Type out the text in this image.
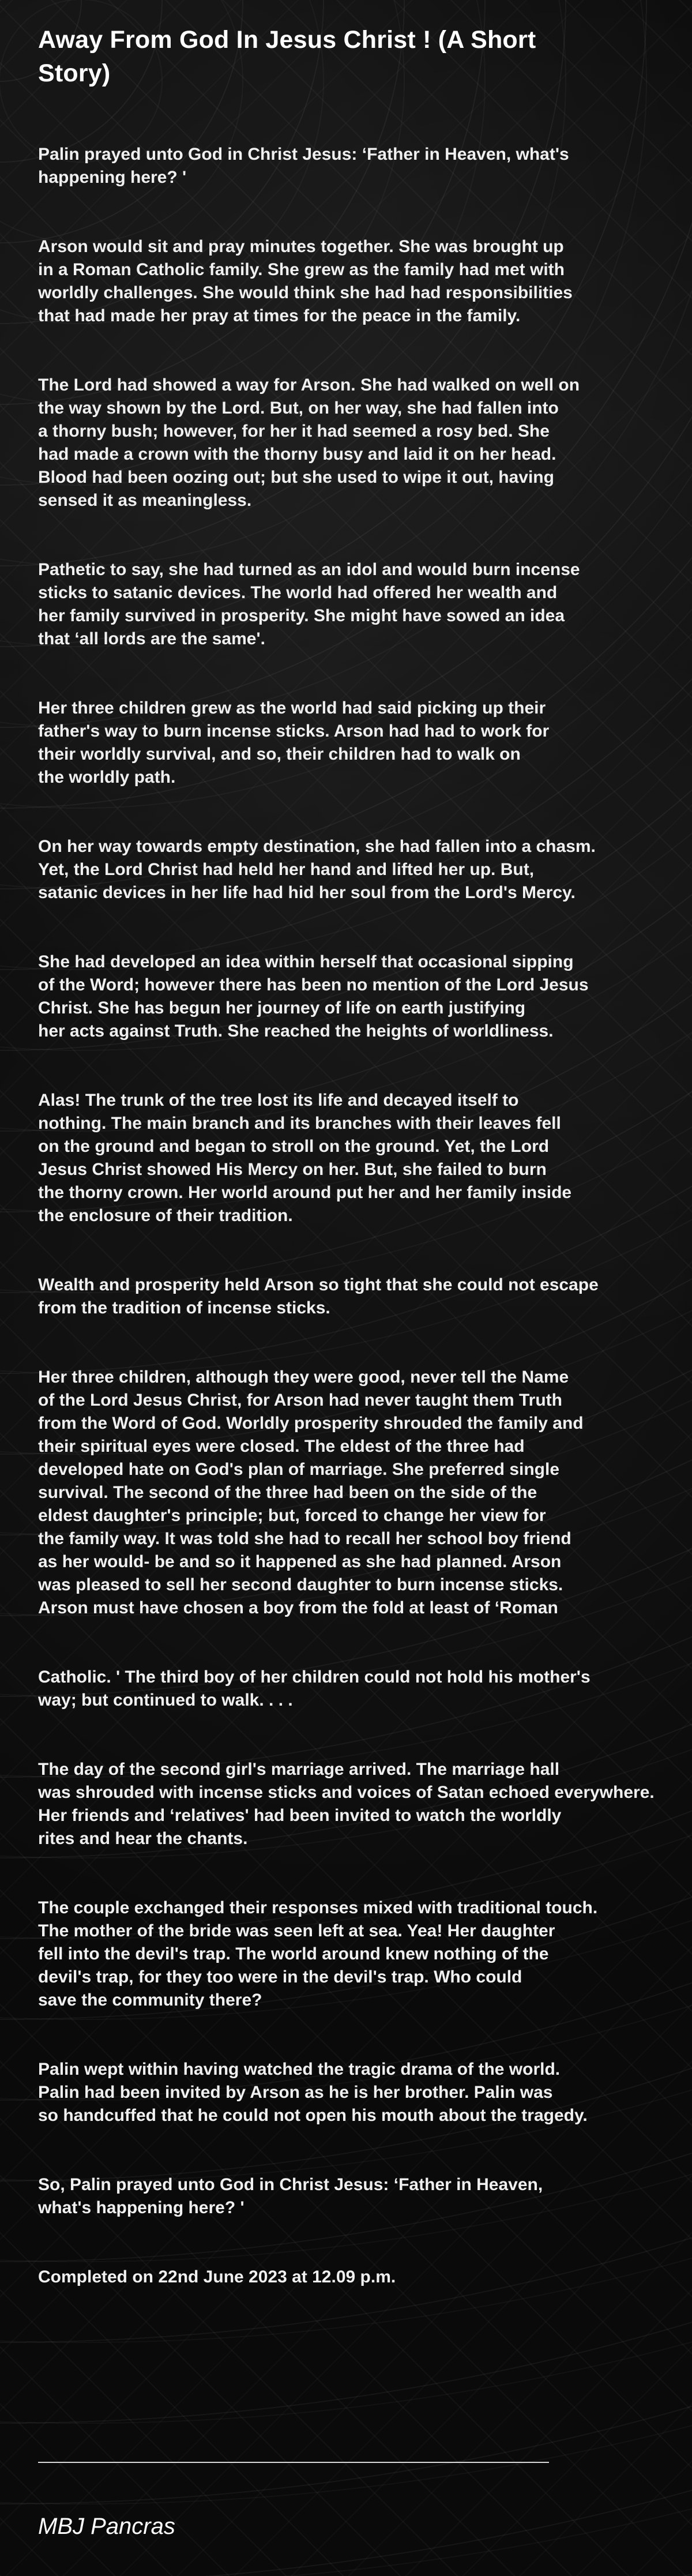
Away From God In Jesus Christ ! (A Short
Story)

Palin prayed unto God in Christ Jesus: ‘Father in Heaven, what's
happening here? '

Arson would sit and pray minutes together. She was brought up
in a Roman Catholic family. She grew as the family had met with
worldly challenges. She would think she had had responsibilities
that had made her pray at times for the peace in the family.

The Lord had showed a way for Arson. She had walked on well on
the way shown by the Lord. But, on her way, she had fallen into
a thorny bush; however, for her it had seemed a rosy bed. She
had made a crown with the thorny busy and laid it on her head.
Blood had been oozing out; but she used to wipe it out, having
sensed it as meaningless.

Pathetic to say, she had turned as an idol and would burn incense
sticks to satanic devices. The world had offered her wealth and
her family survived in prosperity. She might have sowed an idea
that ‘all lords are the same'.

Her three children grew as the world had said picking up their
father's way to burn incense sticks. Arson had had to work for
their worldly survival, and so, their children had to walk on
the worldly path.

On her way towards empty destination, she had fallen into a chasm.
Yet, the Lord Christ had held her hand and lifted her up. But,
satanic devices in her life had hid her soul from the Lord's Mercy.

She had developed an idea within herself that occasional sipping
of the Word; however there has been no mention of the Lord Jesus
Christ. She has begun her journey of life on earth justifying
her acts against Truth. She reached the heights of worldliness.

Alas! The trunk of the tree lost its life and decayed itself to
nothing. The main branch and its branches with their leaves fell
on the ground and began to stroll on the ground. Yet, the Lord
Jesus Christ showed His Mercy on her. But, she failed to burn
the thorny crown. Her world around put her and her family inside
the enclosure of their tradition.

Wealth and prosperity held Arson so tight that she could not escape
from the tradition of incense sticks.

Her three children, although they were good, never tell the Name
of the Lord Jesus Christ, for Arson had never taught them Truth
from the Word of God. Worldly prosperity shrouded the family and
their spiritual eyes were closed. The eldest of the three had
developed hate on God's plan of marriage. She preferred single
survival. The second of the three had been on the side of the
eldest daughter's principle; but, forced to change her view for
the family way. It was told she had to recall her school boy friend
as her would- be and so it happened as she had planned. Arson
was pleased to sell her second daughter to burn incense sticks.
Arson must have chosen a boy from the fold at least of ‘Roman

Catholic. ' The third boy of her children could not hold his mother's
way; but continued to walk. . . .

The day of the second girl's marriage arrived. The marriage hall
was shrouded with incense sticks and voices of Satan echoed everywhere.
Her friends and ‘relatives' had been invited to watch the worldly
rites and hear the chants.

The couple exchanged their responses mixed with traditional touch.
The mother of the bride was seen left at sea. Yea! Her daughter
fell into the devil's trap. The world around knew nothing of the
devil's trap, for they too were in the devil's trap. Who could
save the community there?

Palin wept within having watched the tragic drama of the world.
Palin had been invited by Arson as he is her brother. Palin was
so handcuffed that he could not open his mouth about the tragedy.

So, Palin prayed unto God in Christ Jesus: ‘Father in Heaven,
what's happening here? '

Completed on 22nd June 2023 at 12.09 p.m.

MBJ Pancras
